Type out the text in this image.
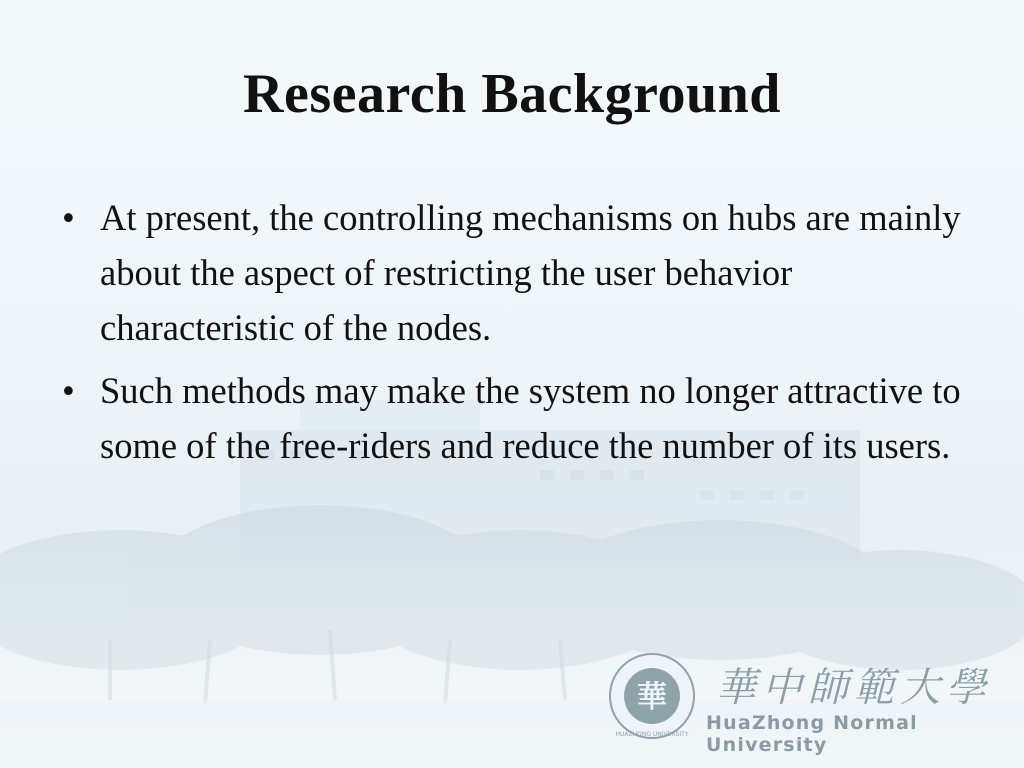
Research Background
• At present, the controlling mechanisms on hubs are mainly about the aspect of restricting the user behavior characteristic of the nodes.
• Such methods may make the system no longer attractive to some of the free-riders and reduce the number of its users.
華
HUAZHONG UNIVERSITY
華中師範大學
HuaZhong Normal University
